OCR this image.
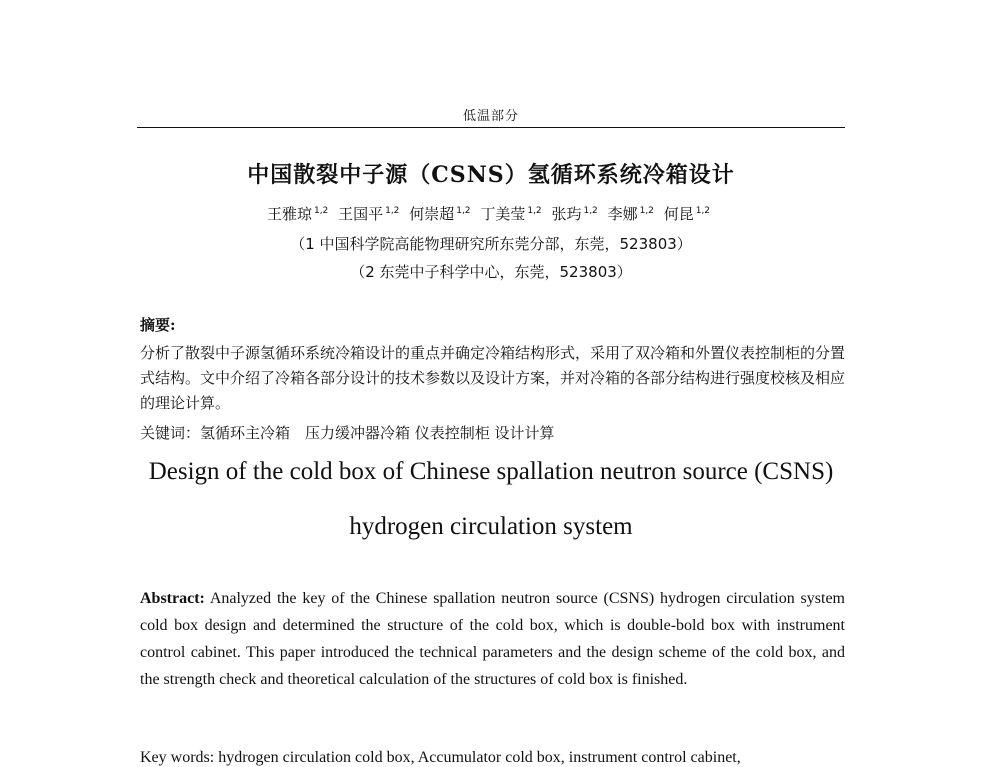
低温部分
中国散裂中子源（CSNS）氢循环系统冷箱设计
王雅琼 $^{1,2}$ 王国平 $^{1,2}$ 何崇超 $^{1,2}$ 丁美莹 $^{1,2}$ 张玙 $^{1,2}$ 李娜 $^{1,2}$ 何昆 $^{1,2}$
（1 中国科学院高能物理研究所东莞分部，东莞，523803）
（2 东莞中子科学中心，东莞，523803）
摘要:
分析了散裂中子源氢循环系统冷箱设计的重点并确定冷箱结构形式，采用了双冷箱和外置仪表控制柜的分置式结构。文中介绍了冷箱各部分设计的技术参数以及设计方案，并对冷箱的各部分结构进行强度校核及相应的理论计算。
关键词：氢循环主冷箱　压力缓冲器冷箱 仪表控制柜 设计计算
Design of the cold box of Chinese spallation neutron source (CSNS)
hydrogen circulation system
Abstract: Analyzed the key of the Chinese spallation neutron source (CSNS) hydrogen circulation system cold box design and determined the structure of the cold box, which is double-bold box with instrument control cabinet. This paper introduced the technical parameters and the design scheme of the cold box, and the strength check and theoretical calculation of the structures of cold box is finished.
Key words: hydrogen circulation cold box, Accumulator cold box, instrument control cabinet,
